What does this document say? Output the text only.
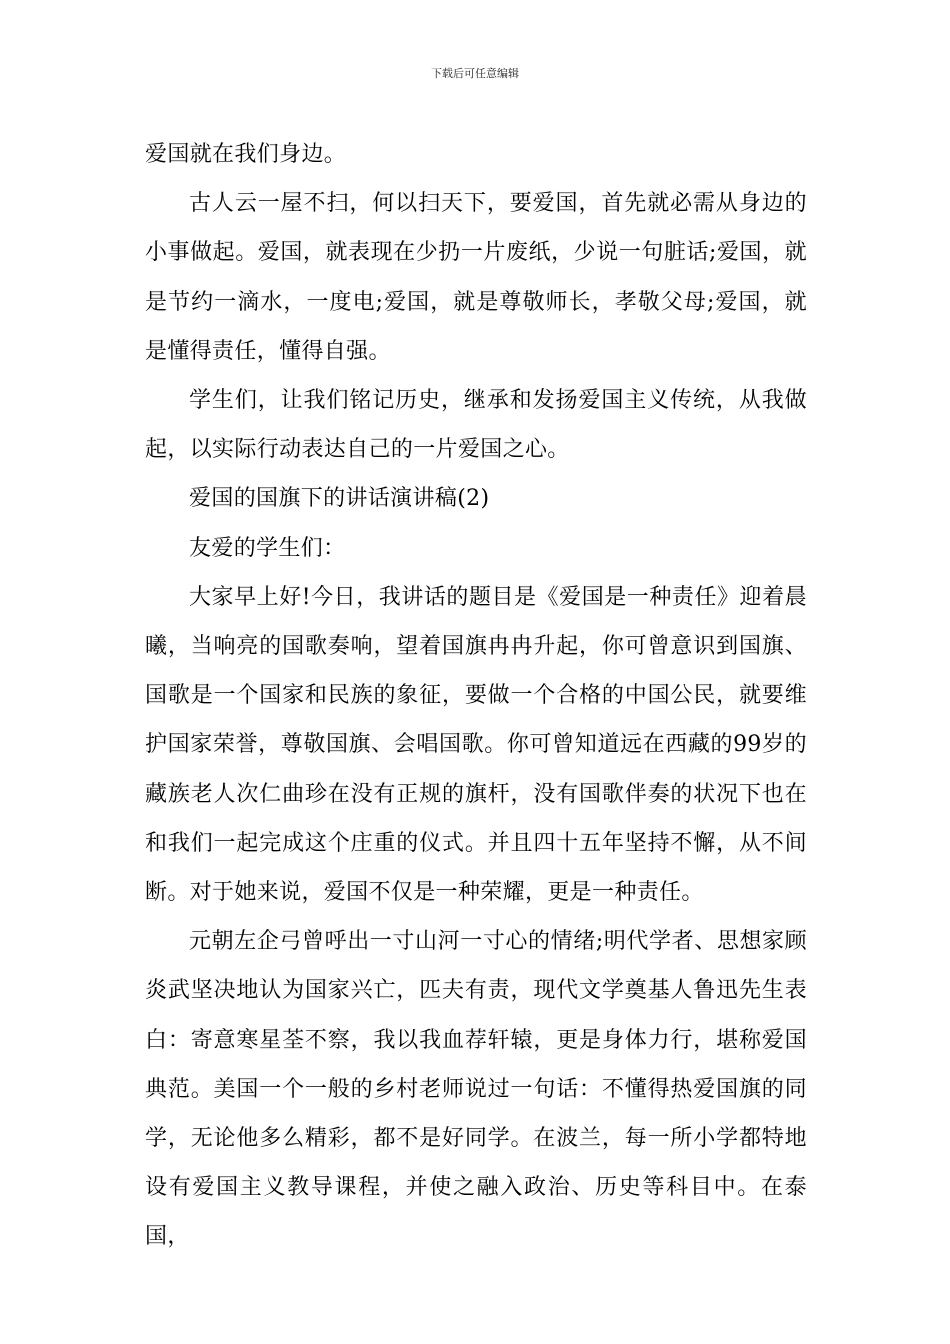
下载后可任意编辑

爱国就在我们身边。

古人云一屋不扫，何以扫天下，要爱国，首先就必需从身边的小事做起。爱国，就表现在少扔一片废纸，少说一句脏话;爱国，就是节约一滴水，一度电;爱国，就是尊敬师长，孝敬父母;爱国，就是懂得责任，懂得自强。

学生们，让我们铭记历史，继承和发扬爱国主义传统，从我做起，以实际行动表达自己的一片爱国之心。

爱国的国旗下的讲话演讲稿(2)

友爱的学生们：

大家早上好!今日，我讲话的题目是《爱国是一种责任》迎着晨曦，当响亮的国歌奏响，望着国旗冉冉升起，你可曾意识到国旗、国歌是一个国家和民族的象征，要做一个合格的中国公民，就要维护国家荣誉，尊敬国旗、会唱国歌。你可曾知道远在西藏的99岁的藏族老人次仁曲珍在没有正规的旗杆，没有国歌伴奏的状况下也在和我们一起完成这个庄重的仪式。并且四十五年坚持不懈，从不间断。对于她来说，爱国不仅是一种荣耀，更是一种责任。

元朝左企弓曾呼出一寸山河一寸心的情绪;明代学者、思想家顾炎武坚决地认为国家兴亡，匹夫有责，现代文学奠基人鲁迅先生表白：寄意寒星荃不察，我以我血荐轩辕，更是身体力行，堪称爱国典范。美国一个一般的乡村老师说过一句话：不懂得热爱国旗的同学，无论他多么精彩，都不是好同学。在波兰，每一所小学都特地设有爱国主义教导课程，并使之融入政治、历史等科目中。在泰国，
